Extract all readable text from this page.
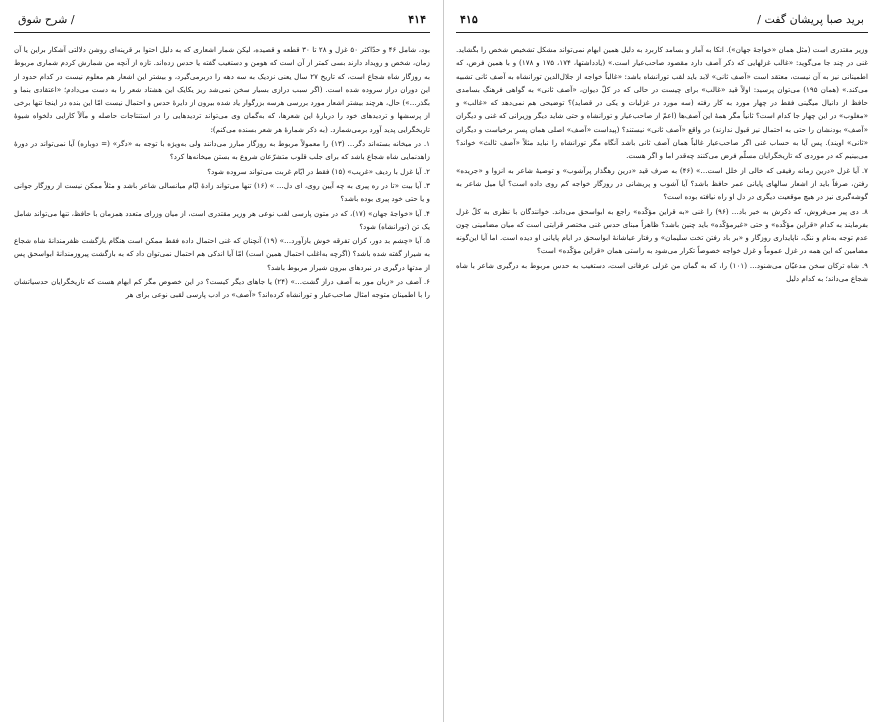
برید صبا پریشان گفت /
۴۱۵

وزیر مقتدری است (مثل همان «خواجهٔ جهان»). انکا به آمار و بسامد کاربرد به دلیل همین ابهام نمی‌تواند مشکل تشخیص شخص را بگشاید. غنی در چند جا می‌گوید: «غالب غزلهایی که ذکر آصف دارد مقصود صاحب‌عیار است.» (یادداشتها، ۱۷۴، ۱۷۵ و ۱۷۸) و با همین فرض، که اطمینانی نیز به آن نیست، معتقد است «آصف ثانی» لابد باید لقب تورانشاه باشد: «غالباً خواجه از جلال‌الدین تورانشاه به آصف ثانی تشبیه می‌کند.» (همان ۱۹۵) می‌توان پرسید: اولاً قید «غالب» برای چیست در حالی که در کلّ دیوان، «آصف ثانی» به گواهی فرهنگ بسامدی حافظ از دانیال میگینی فقط در چهار مورد به کار رفته (سه مورد در غزلیات و یکی در قصاید)؟ توضیحی هم نمی‌دهد که «غالب» و «مغلوب» در این چهار جا کدام است؟ ثانیاً مگر همهٔ این آصف‌ها (اعمّ از صاحب‌عیار و تورانشاه و حتی شاید دیگر وزیرانی که غنی و دیگران «آصف» بودنشان را حتی به احتمال نیز قبول ندارند) در واقع «آصف ثانی» نیستند؟ (پیداست «آصف» اصلی همان پسر برخیاست و دیگران «ثانی» اویند). پس آیا به حساب غنی اگر صاحب‌عیار غالباً همان آصف ثانی باشد آنگاه مگر تورانشاه را نباید مثلاً «آصف ثالث» خواند؟ می‌بینیم که در موردی که تاریخگرایان مسلّم فرض می‌کنند چه‌قدر اما و اگر هست.

۷. آیا غزل «درین زمانه رفیقی که خالی از خلل است…» (۴۶) به صرف قید «درین رهگذار پرآشوب» و توصیهٔ شاعر به انزوا و «جریده» رفتن، صرفاً باید از اشعار سالهای پایانی عمر حافظ باشد؟ آیا آشوب و پریشانی در روزگار خواجه کم روی داده است؟ آیا میل شاعر به گوشه‌گیری نیز در هیچ موقعیت دیگری در دل او راه نیافته بوده است؟

۸. دی پیر می‌فروش، که ذکرش به خیر باد… (۹۶) را غنی «به قراین مؤکّده» راجع به ابواسحق می‌داند. خوانندگان با نظری به کلّ غزل بفرمایند به کدام «قراین مؤکّده» و حتی «غیرمؤکّده» باید چنین باشد؟ ظاهراً مبنای حدس غنی مختصر قرابتی است که میان مضامینی چون عدم توجه به‌نام و ننگ، ناپایداری روزگار و «بر باد رفتن تخت سلیمان» و رفتار عیاشانهٔ ابواسحق در ایام پایانی او دیده است. اما آیا این‌گونه مضامین که این همه در غزل عموماً و غزل خواجه خصوصاً تکرار می‌شود به راستی همان «قراین مؤکّده» است؟

۹. شاه ترکان سخن مدعیّان می‌شنود… (۱۰۱) را، که به گمان من غزلی عرفانی است، دستغیب به حدس مربوط به درگیری شاعر با شاه شجاع می‌داند؛ به کدام دلیل

/ شرح شوق	۴۱۴

بود، شامل ۴۶ و حدّاکثر ۵۰ غزل و ۲۸ تا ۳۰ قطعه و قصیده، لیکن شمار اشعاری که به دلیل احتوا بر قرینه‌ای روشن دلالتی آشکار براین یا آن زمان، شخص و رویداد دارند بسی کمتر از آن است که هومن و دستغیب گفته یا حدس زده‌اند. تازه از آنچه من شمارش کردم شماری مربوط به روزگار شاه شجاع است، که تاریخ ۲۷ سال یعنی نزدیک به سه دهه را دربرمی‌گیرد، و بیشتر این اشعار هم معلوم نیست در کدام حدود از این دوران دراز سروده شده است. (اگر سبب درازی بسیار سخن نمی‌شد ریز یکایک این هشتاد شعر را به دست می‌دادم؛ «اعتقادی بنما و بگذر…») حال، هرچند بیشتر اشعار مورد بررسی هرسه بزرگوار یاد شده بیرون از دایرهٔ حدس و احتمال نیست امّا این بنده در اینجا تنها برخی از پرسشها و تردیدهای خود را دربارهٔ این شعرها، که به‌گمان وی می‌تواند تردیدهایی را در استنتاجات حاصله و مآلاً کارایی دلخواه شیوهٔ تاریخگرایی پدید آورد برمی‌شمارد. (به ذکر شمارهٔ هر شعر بسنده می‌کنم):

۱. در میخانه بسته‌اند دگر… (۱۳) را معمولاً مربوط به روزگار مبارز می‌دانند ولی به‌ویژه با توجه به «دگر» (= دوباره) آیا نمی‌تواند در دورهٔ زاهدنمایی شاه شجاع باشد که برای جلب قلوب متشرّعان شروع به بستن میخانه‌ها کرد؟

۲. آیا غزل با ردیف «غریب» (۱۵) فقط در ایّام غربت می‌تواند سروده شود؟

۳. آیا بیت «تا در ره پیری به چه آیین روی، ای دل… » (۱۶) تنها می‌تواند زادهٔ ایّام میانسالی شاعر باشد و مثلاً ممکن نیست از روزگار جوانی و یا حتی خود پیری بوده باشد؟

۴. آیا «خواجهٔ جهان» (۱۷)، که در متون پارسی لقب نوعی هر وزیر مقتدری است، از میان وزرای متعدد همزمان با حافظ، تنها می‌تواند شامل یک تن (تورانشاه) شود؟

۵. آیا «چشم بد دور، کزان تفرقه خوش بازآورد…» (۱۹) آنچنان که غنی احتمال داده فقط ممکن است هنگام بازگشت ظفرمندانهٔ شاه شجاع به شیراز گفته شده باشد؟ (اگرچه به‌اغلب احتمال همین است) امّا آیا اندکی هم احتمال نمی‌توان داد که به بازگشت پیروزمندانهٔ ابواسحق پس از مدتها درگیری در نبردهای بیرون شیراز مربوط باشد؟

۶. آصف در «زبان مور به آصف دراز گشت…» (۲۴) یا جاهای دیگر کیست؟ در این خصوص مگر کم ابهام هست که تاریخگرایان حدسیاتشان را با اطمینان متوجه امثال صاحب‌عیار و تورانشاه کرده‌اند؟ «آصف» در ادب پارسی لقبی نوعی برای هر
